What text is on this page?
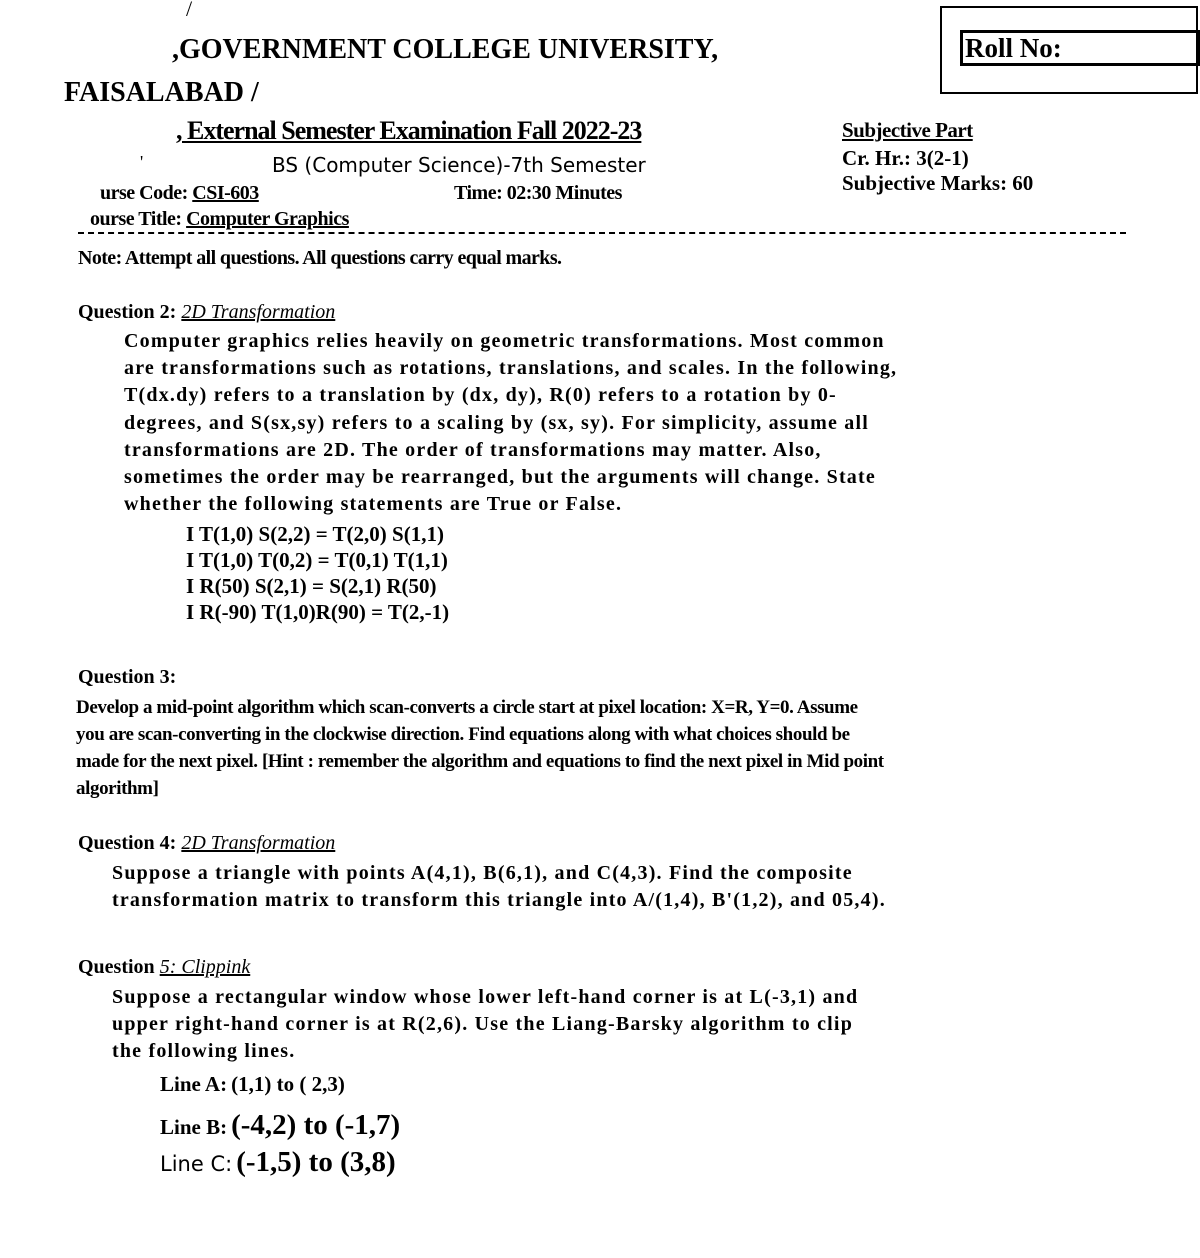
/
,GOVERNMENT COLLEGE UNIVERSITY,
FAISALABAD /
Roll No:
, External Semester Examination Fall 2022-23
'	BS (Computer Science)-7th Semester
Subjective Part
Cr. Hr.: 3(2-1)
Subjective Marks: 60
urse Code: CSI-603	Time: 02:30 Minutes
ourse Title: Computer Graphics
Note: Attempt all questions. All questions carry equal marks.
Question 2: 2D Transformation

Computer graphics relies heavily on geometric transformations. Most common

are transformations such as rotations, translations, and scales. In the following,

T(dx.dy) refers to a translation by (dx, dy), R(0) refers to a rotation by 0-

degrees, and S(sx,sy) refers to a scaling by (sx, sy). For simplicity, assume all

transformations are 2D. The order of transformations may matter. Also,

sometimes the order may be rearranged, but the arguments will change. State

whether the following statements are True or False.

I T(1,0) S(2,2) = T(2,0) S(1,1)
I T(1,0) T(0,2) = T(0,1) T(1,1)
I R(50) S(2,1) = S(2,1) R(50)
I R(-90) T(1,0)R(90) = T(2,-1)
Question 3:

Develop a mid-point algorithm which scan-converts a circle start at pixel location: X=R, Y=0. Assume

you are scan-converting in the clockwise direction. Find equations along with what choices should be

made for the next pixel. [Hint : remember the algorithm and equations to find the next pixel in Mid point

algorithm]

Question 4: 2D Transformation

Suppose a triangle with points A(4,1), B(6,1), and C(4,3). Find the composite

transformation matrix to transform this triangle into A/(1,4), B'(1,2), and 05,4).

Question 5: Clippink

Suppose a rectangular window whose lower left-hand corner is at L(-3,1) and

upper right-hand corner is at R(2,6). Use the Liang-Barsky algorithm to clip

the following lines.

Line A: (1,1) to ( 2,3)
Line B: (-4,2) to (-1,7)
Line C: (-1,5) to (3,8)
